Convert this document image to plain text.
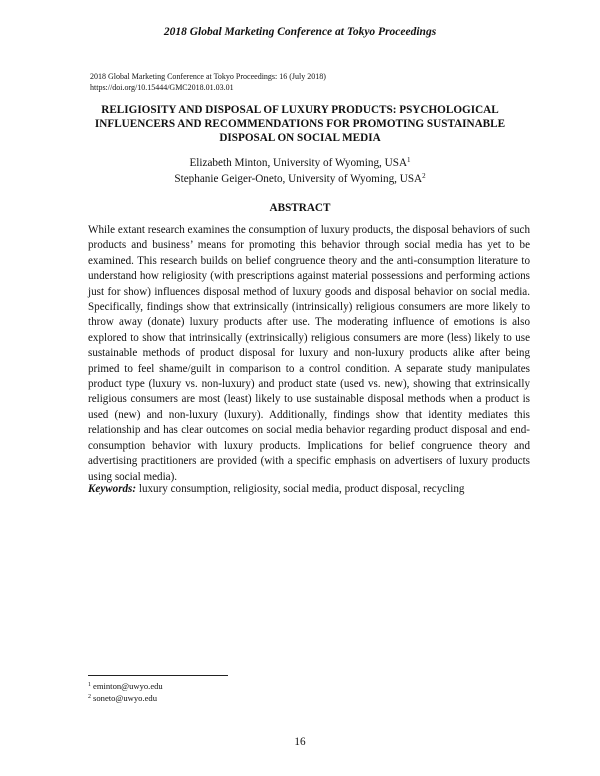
2018 Global Marketing Conference at Tokyo Proceedings
2018 Global Marketing Conference at Tokyo Proceedings: 16 (July 2018)
https://doi.org/10.15444/GMC2018.01.03.01
RELIGIOSITY AND DISPOSAL OF LUXURY PRODUCTS: PSYCHOLOGICAL INFLUENCERS AND RECOMMENDATIONS FOR PROMOTING SUSTAINABLE DISPOSAL ON SOCIAL MEDIA
Elizabeth Minton, University of Wyoming, USA$^1$
Stephanie Geiger-Oneto, University of Wyoming, USA$^2$
ABSTRACT

While extant research examines the consumption of luxury products, the disposal behaviors of such products and business’ means for promoting this behavior through social media has yet to be examined. This research builds on belief congruence theory and the anti-consumption literature to understand how religiosity (with prescriptions against material possessions and performing actions just for show) influences disposal method of luxury goods and disposal behavior on social media. Specifically, findings show that extrinsically (intrinsically) religious consumers are more likely to throw away (donate) luxury products after use. The moderating influence of emotions is also explored to show that intrinsically (extrinsically) religious consumers are more (less) likely to use sustainable methods of product disposal for luxury and non-luxury products alike after being primed to feel shame/guilt in comparison to a control condition. A separate study manipulates product type (luxury vs. non-luxury) and product state (used vs. new), showing that extrinsically religious consumers are most (least) likely to use sustainable disposal methods when a product is used (new) and non-luxury (luxury). Additionally, findings show that identity mediates this relationship and has clear outcomes on social media behavior regarding product disposal and end-consumption behavior with luxury products. Implications for belief congruence theory and advertising practitioners are provided (with a specific emphasis on advertisers of luxury products using social media).

Keywords: luxury consumption, religiosity, social media, product disposal, recycling
$^1$ eminton@uwyo.edu
$^2$ soneto@uwyo.edu
16
